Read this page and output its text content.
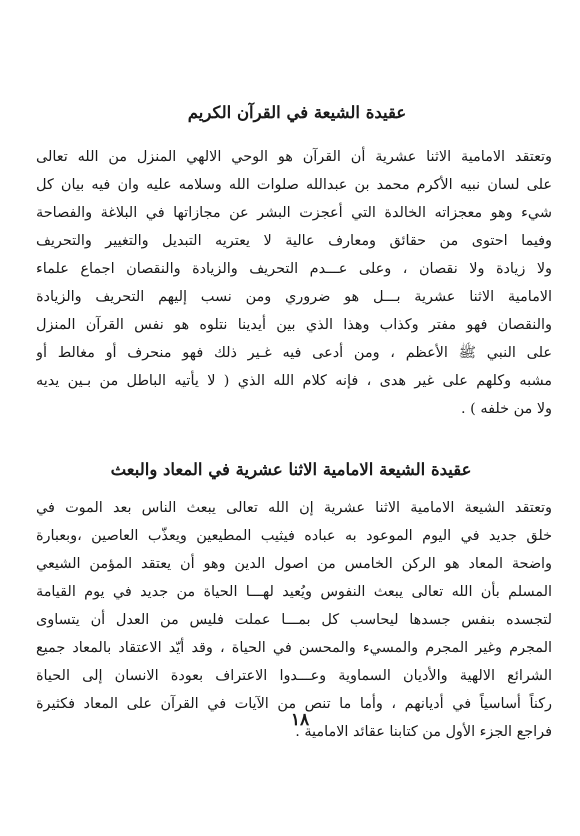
عقيدة الشيعة في القرآن الكريم
وتعتقد الامامية الاثنا عشرية أن القرآن هو الوحي الالهي المنزل من الله تعالى
على لسان نبيه الأكرم محمد بن عبدالله صلوات الله وسلامه عليه وان فيه بيان كل
شيء وهو معجزاته الخالدة التي أعجزت البشر عن مجازاتها في البلاغة والفصاحة
وفيما احتوى من حقائق ومعارف عالية لا يعتريه التبديل والتغيير والتحريف
ولا زيادة ولا نقصان ، وعلى عـــدم التحريف والزيادة والنقصان اجماع علماء
الامامية الاثنا عشرية بـــل هو ضروري ومن نسب إليهم التحريف والزيادة
والنقصان فهو مفتر وكذاب وهذا الذي بين أيدينا نتلوه هو نفس القرآن المنزل
على النبي ﷺ الأعظم ، ومن أدعى فيه غـير ذلك فهو منحرف أو مغالط أو
مشبه وكلهم على غير هدى ، فإنه كلام الله الذي ( لا يأتيه الباطل من بـين يديه
ولا من خلفه ) .
عقيدة الشيعة الامامية الاثنا عشرية في المعاد والبعث
وتعتقد الشيعة الامامية الاثنا عشرية إن الله تعالى يبعث الناس بعد الموت في
خلق جديد في اليوم الموعود به عباده فيثيب المطيعين ويعذّب العاصين ،وبعبارة
واضحة المعاد هو الركن الخامس من اصول الدين وهو أن يعتقد المؤمن الشيعي
المسلم بأن الله تعالى يبعث النفوس ويُعيد لهـــا الحياة من جديد في يوم القيامة
لتجسده بنفس جسدها ليحاسب كل بمـــا عملت فليس من العدل أن يتساوى
المجرم وغير المجرم والمسيء والمحسن في الحياة ، وقد أيّد الاعتقاد بالمعاد جميع
الشرائع الالهية والأديان السماوية وعـــدوا الاعتراف بعودة الانسان إلى الحياة
ركناً أساسياً في أديانهم ، وأما ما تنص من الآيات في القرآن على المعاد فكثيرة
فراجع الجزء الأول من كتابنا عقائد الامامية .
١٨
